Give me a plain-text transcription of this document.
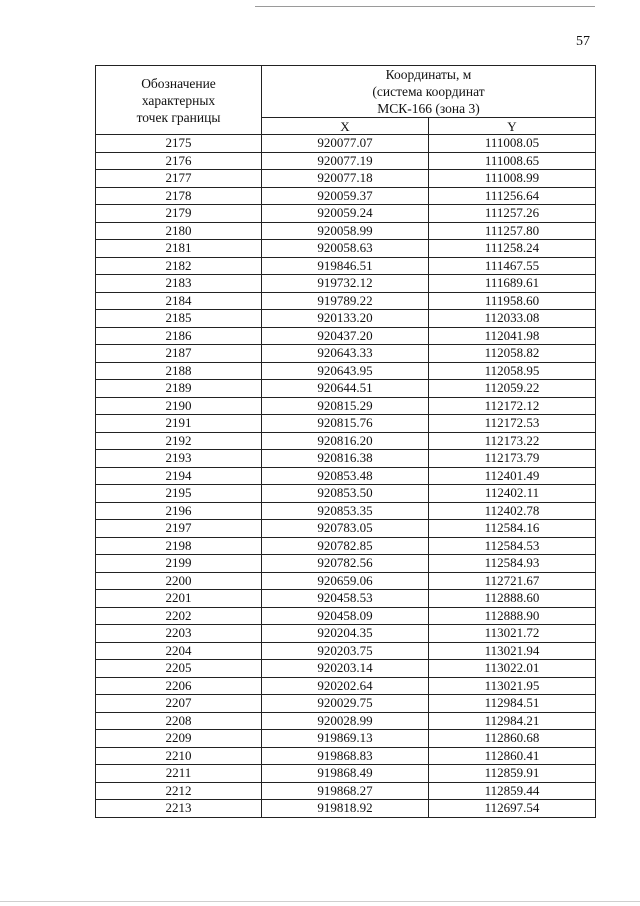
57
Обозначение
характерных
точек границы	Координаты, м
(система координат
МСК-166 (зона 3)	

	X	Y
2175	920077.07	111008.05
2176	920077.19	111008.65
2177	920077.18	111008.99
2178	920059.37	111256.64
2179	920059.24	111257.26
2180	920058.99	111257.80
2181	920058.63	111258.24
2182	919846.51	111467.55
2183	919732.12	111689.61
2184	919789.22	111958.60
2185	920133.20	112033.08
2186	920437.20	112041.98
2187	920643.33	112058.82
2188	920643.95	112058.95
2189	920644.51	112059.22
2190	920815.29	112172.12
2191	920815.76	112172.53
2192	920816.20	112173.22
2193	920816.38	112173.79
2194	920853.48	112401.49
2195	920853.50	112402.11
2196	920853.35	112402.78
2197	920783.05	112584.16
2198	920782.85	112584.53
2199	920782.56	112584.93
2200	920659.06	112721.67
2201	920458.53	112888.60
2202	920458.09	112888.90
2203	920204.35	113021.72
2204	920203.75	113021.94
2205	920203.14	113022.01
2206	920202.64	113021.95
2207	920029.75	112984.51
2208	920028.99	112984.21
2209	919869.13	112860.68
2210	919868.83	112860.41
2211	919868.49	112859.91
2212	919868.27	112859.44
2213	919818.92	112697.54
